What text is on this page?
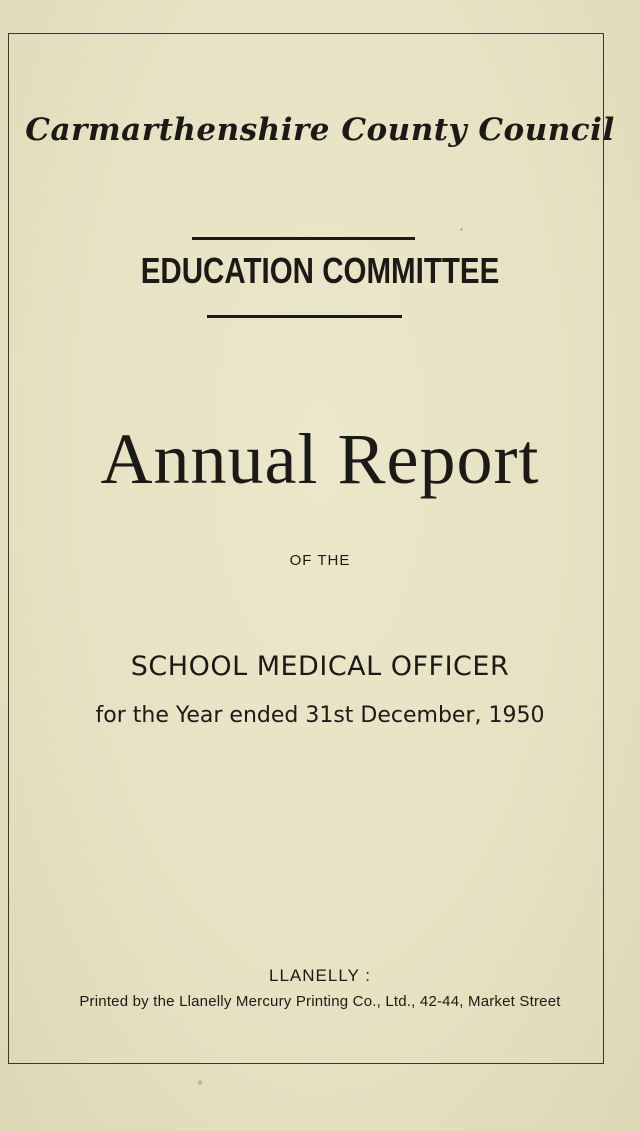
Carmarthenshire County Council
EDUCATION COMMITTEE
Annual Report
OF THE
SCHOOL MEDICAL OFFICER
for the Year ended 31st December, 1950
LLANELLY :
Printed by the Llanelly Mercury Printing Co., Ltd., 42-44, Market Street
